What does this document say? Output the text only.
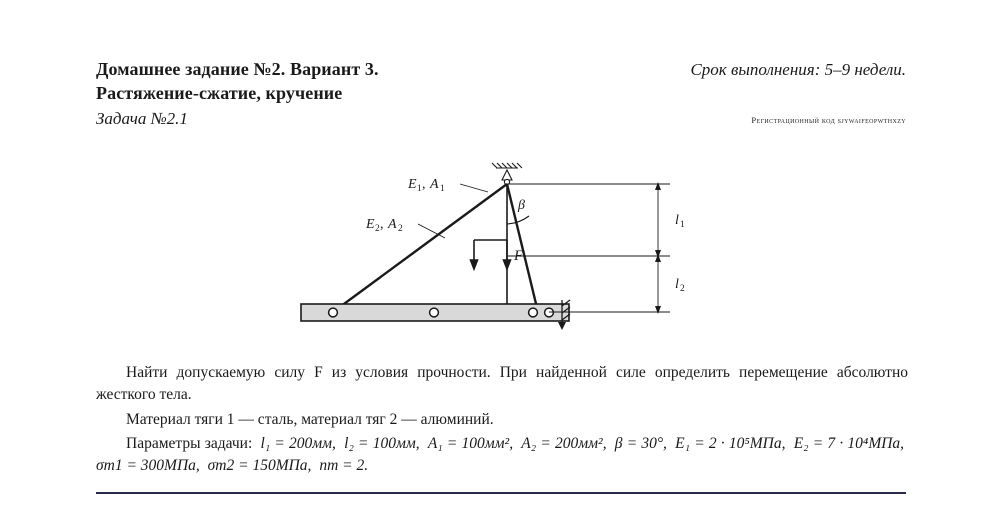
Домашнее задание №2. Вариант 3.
Растяжение-сжатие, кручение
Задача №2.1
Срок выполнения: 5–9 недели.
Регистрационный код sjywaifeopwthxzy
E 1 , A 1
E 2 , A 2
β
F
l 1
l 2

Найти допускаемую силу F из условия прочности. При найденной силе определить перемещение абсолютно жесткого тела.

Материал тяги 1 — сталь, материал тяг 2 — алюминий.

Параметры задачи: l₁ = 200мм, l₂ = 100мм, A₁ = 100мм², A₂ = 200мм², β = 30°, E₁ = 2 · 10⁵МПа, E₂ = 7 · 10⁴МПа, σт1 = 300МПа, σт2 = 150МПа, nт = 2.
